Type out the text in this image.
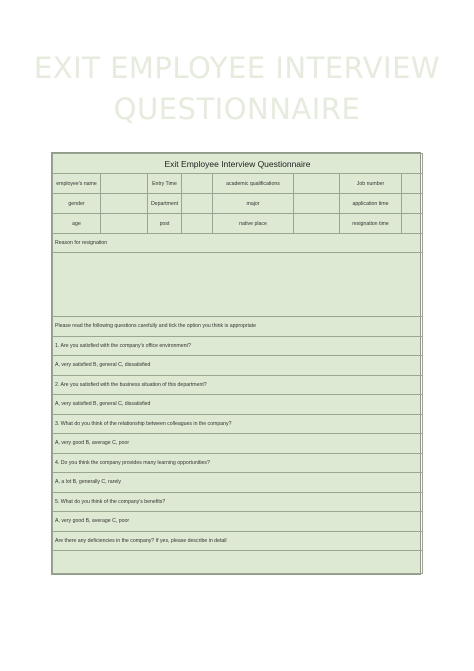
EXIT EMPLOYEE INTERVIEW
QUESTIONNAIRE
Exit Employee Interview Questionnaire							
employee's name		Entry Time		academic qualifications		Job number	
gender		Department		major		application time	
age		post		native place		resignation time	
Reason for resignation							

Please read the following questions carefully and tick the option you think is appropriate							
1. Are you satisfied with the company's office environment?							
A, very satisfied B, general C, dissatisfied							
2. Are you satisfied with the business situation of this department?							
A, very satisfied B, general C, dissatisfied							
3. What do you think of the relationship between colleagues in the company?							
A, very good B, average C, poor							
4. Do you think the company provides many learning opportunities?							
A, a lot B, generally C, rarely							
5. What do you think of the company's benefits?							
A, very good B, average C, poor							
Are there any deficiencies in the company? If yes, please describe in detail							
